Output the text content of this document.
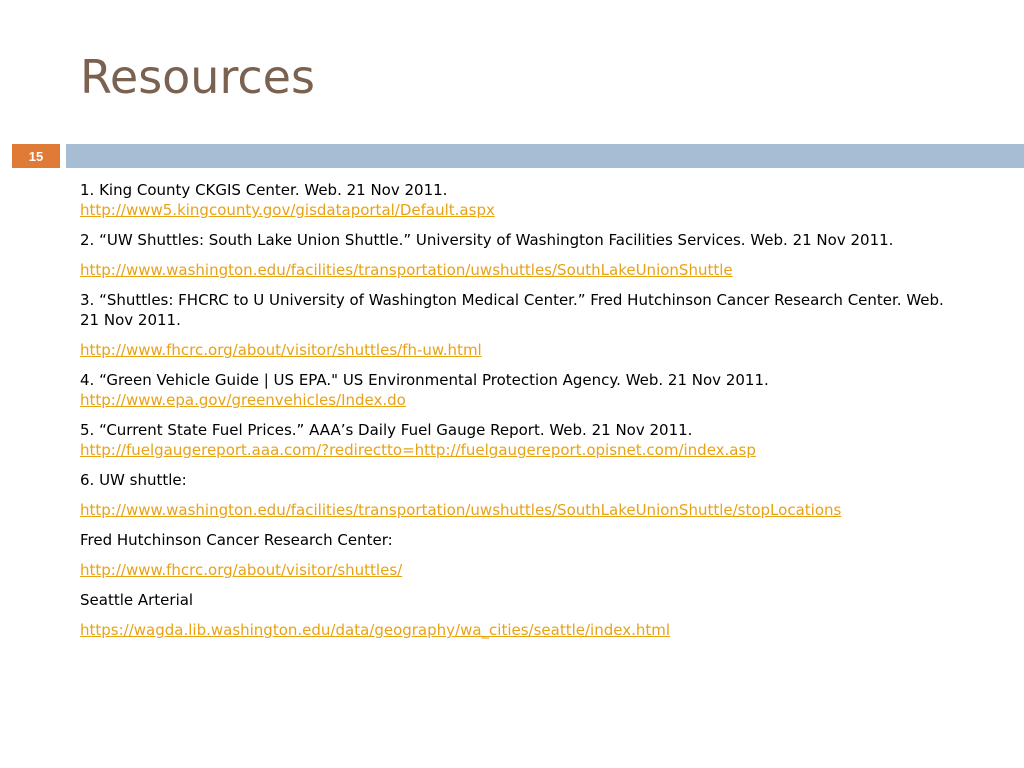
Resources
15

1. King County CKGIS Center. Web. 21 Nov 2011.
http://www5.kingcounty.gov/gisdataportal/Default.aspx

2. “UW Shuttles: South Lake Union Shuttle.” University of Washington Facilities Services. Web. 21 Nov 2011.

http://www.washington.edu/facilities/transportation/uwshuttles/SouthLakeUnionShuttle

3. “Shuttles: FHCRC to U University of Washington Medical Center.” Fred Hutchinson Cancer Research Center. Web. 21 Nov 2011.

http://www.fhcrc.org/about/visitor/shuttles/fh-uw.html

4. “Green Vehicle Guide | US EPA." US Environmental Protection Agency. Web. 21 Nov 2011.
http://www.epa.gov/greenvehicles/Index.do

5. “Current State Fuel Prices.” AAA’s Daily Fuel Gauge Report. Web. 21 Nov 2011.
http://fuelgaugereport.aaa.com/?redirectto=http://fuelgaugereport.opisnet.com/index.asp

6. UW shuttle:

http://www.washington.edu/facilities/transportation/uwshuttles/SouthLakeUnionShuttle/stopLocations

Fred Hutchinson Cancer Research Center:

http://www.fhcrc.org/about/visitor/shuttles/

Seattle Arterial

https://wagda.lib.washington.edu/data/geography/wa_cities/seattle/index.html
